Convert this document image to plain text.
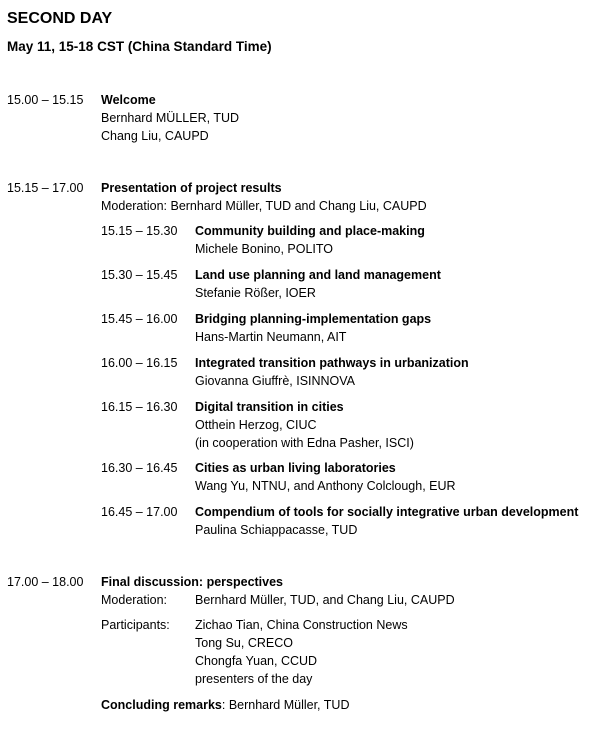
SECOND DAY
May 11, 15-18 CST (China Standard Time)
15.00 – 15.15 Welcome
Bernhard MÜLLER, TUD
Chang Liu, CAUPD
15.15 – 17.00 Presentation of project results
Moderation: Bernhard Müller, TUD and Chang Liu, CAUPD
15.15 – 15.30 Community building and place-making
Michele Bonino, POLITO
15.30 – 15.45 Land use planning and land management
Stefanie Rößer, IOER
15.45 – 16.00 Bridging planning-implementation gaps
Hans-Martin Neumann, AIT
16.00 – 16.15 Integrated transition pathways in urbanization
Giovanna Giuffrè, ISINNOVA
16.15 – 16.30 Digital transition in cities
Otthein Herzog, CIUC
(in cooperation with Edna Pasher, ISCI)
16.30 – 16.45 Cities as urban living laboratories
Wang Yu, NTNU, and Anthony Colclough, EUR
16.45 – 17.00 Compendium of tools for socially integrative urban development
Paulina Schiappacasse, TUD
17.00 – 18.00 Final discussion: perspectives
Moderation: Bernhard Müller, TUD, and Chang Liu, CAUPD
Participants: Zichao Tian, China Construction News
Tong Su, CRECO
Chongfa Yuan, CCUD
presenters of the day
Concluding remarks: Bernhard Müller, TUD
